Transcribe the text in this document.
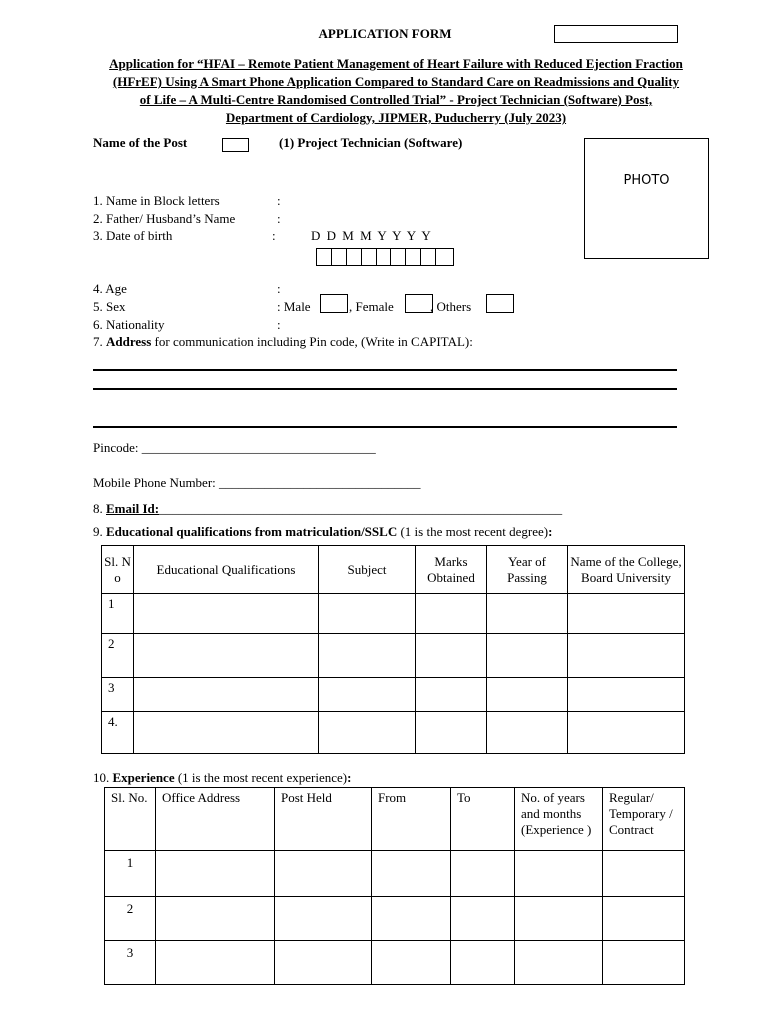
APPLICATION FORM
Application for “HFAI – Remote Patient Management of Heart Failure with Reduced Ejection Fraction
(HFrEF) Using A Smart Phone Application Compared to Standard Care on Readmissions and Quality
of Life – A Multi-Centre Randomised Controlled Trial” - Project Technician (Software) Post,
Department of Cardiology, JIPMER, Puducherry (July 2023)
Name of the Post	(1) Project Technician (Software)
PHOTO
1. Name in Block letters	:
2. Father/ Husband’s Name	:
3. Date of birth	:	D D M M Y Y Y Y
4. Age	:
5. Sex	: Male	, Female	, Others
6. Nationality	:
7. Address for communication including Pin code, (Write in CAPITAL):
Pincode: ____________________________________
Mobile Phone Number: _______________________________
8. Email Id:______________________________________________________________
9. Educational qualifications from matriculation/SSLC (1 is the most recent degree):
Sl. N o	Educational Qualifications	Subject	Marks Obtained	Year of Passing	Name of the College, Board University
1					
2					
3					
4.					
10. Experience (1 is the most recent experience):
Sl. No.	Office Address	Post Held	From	To	No. of years and months (Experience )	Regular/ Temporary / Contract
1						
2						
3						
